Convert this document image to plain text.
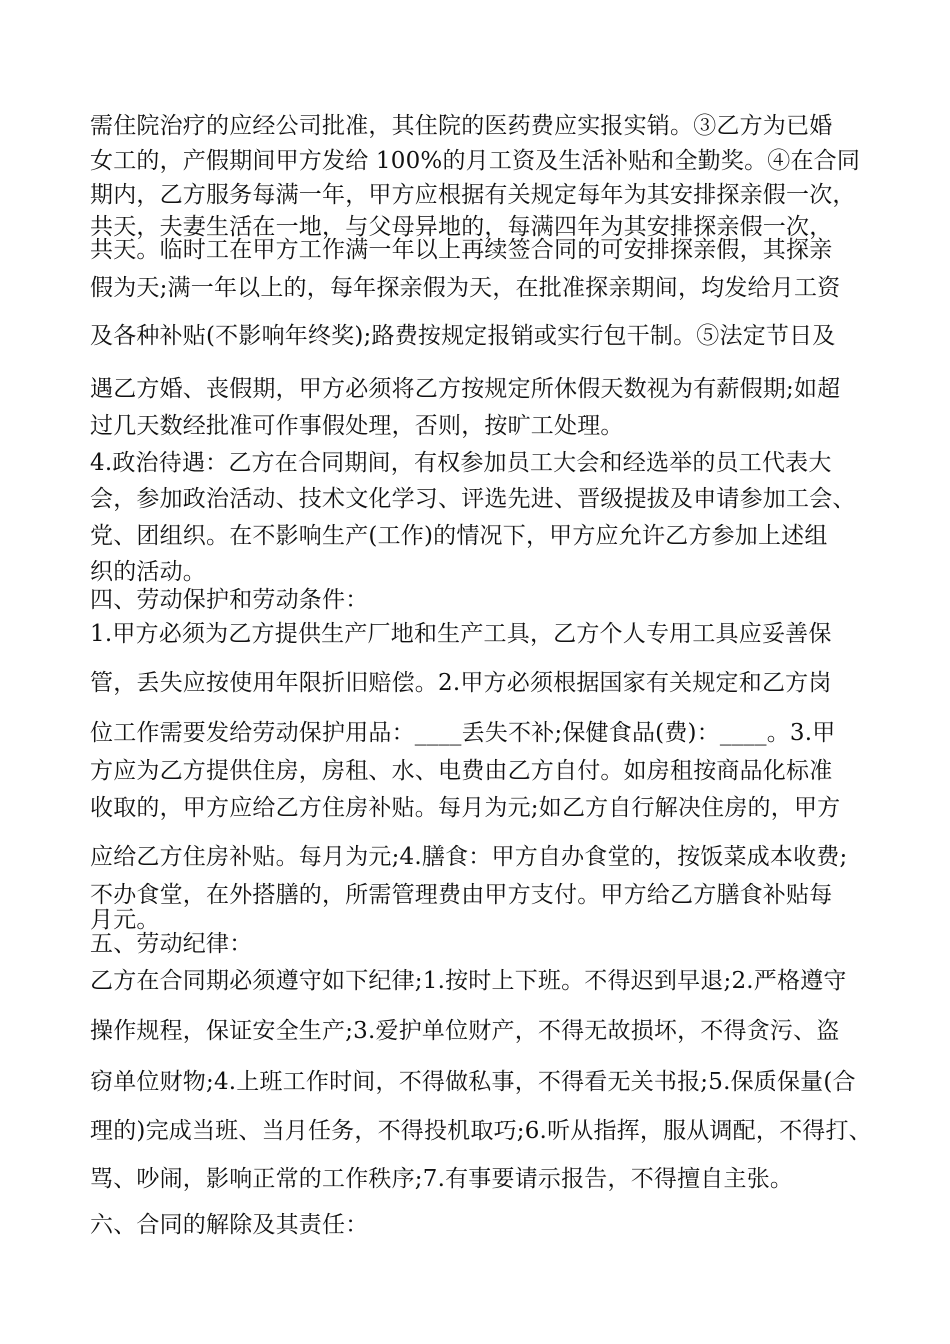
需住院治疗的应经公司批准，其住院的医药费应实报实销。③乙方为已婚
女工的，产假期间甲方发给 100%的月工资及生活补贴和全勤奖。④在合同
期内，乙方服务每满一年，甲方应根据有关规定每年为其安排探亲假一次，
共天，夫妻生活在一地，与父母异地的，每满四年为其安排探亲假一次，
共天。临时工在甲方工作满一年以上再续签合同的可安排探亲假，其探亲
假为天;满一年以上的，每年探亲假为天，在批准探亲期间，均发给月工资
及各种补贴(不影响年终奖);路费按规定报销或实行包干制。⑤法定节日及
遇乙方婚、丧假期，甲方必须将乙方按规定所休假天数视为有薪假期;如超
过几天数经批准可作事假处理，否则，按旷工处理。
4.政治待遇：乙方在合同期间，有权参加员工大会和经选举的员工代表大
会，参加政治活动、技术文化学习、评选先进、晋级提拔及申请参加工会、
党、团组织。在不影响生产(工作)的情况下，甲方应允许乙方参加上述组
织的活动。
四、劳动保护和劳动条件：
1.甲方必须为乙方提供生产厂地和生产工具，乙方个人专用工具应妥善保
管，丢失应按使用年限折旧赔偿。2.甲方必须根据国家有关规定和乙方岗
位工作需要发给劳动保护用品：____丢失不补;保健食品(费)：____。3.甲
方应为乙方提供住房，房租、水、电费由乙方自付。如房租按商品化标准
收取的，甲方应给乙方住房补贴。每月为元;如乙方自行解决住房的，甲方
应给乙方住房补贴。每月为元;4.膳食：甲方自办食堂的，按饭菜成本收费;
不办食堂，在外搭膳的，所需管理费由甲方支付。甲方给乙方膳食补贴每
月元。
五、劳动纪律：
乙方在合同期必须遵守如下纪律;1.按时上下班。不得迟到早退;2.严格遵守
操作规程，保证安全生产;3.爱护单位财产，不得无故损坏，不得贪污、盗
窃单位财物;4.上班工作时间，不得做私事，不得看无关书报;5.保质保量(合
理的)完成当班、当月任务，不得投机取巧;6.听从指挥，服从调配，不得打、
骂、吵闹，影响正常的工作秩序;7.有事要请示报告，不得擅自主张。
六、合同的解除及其责任：
